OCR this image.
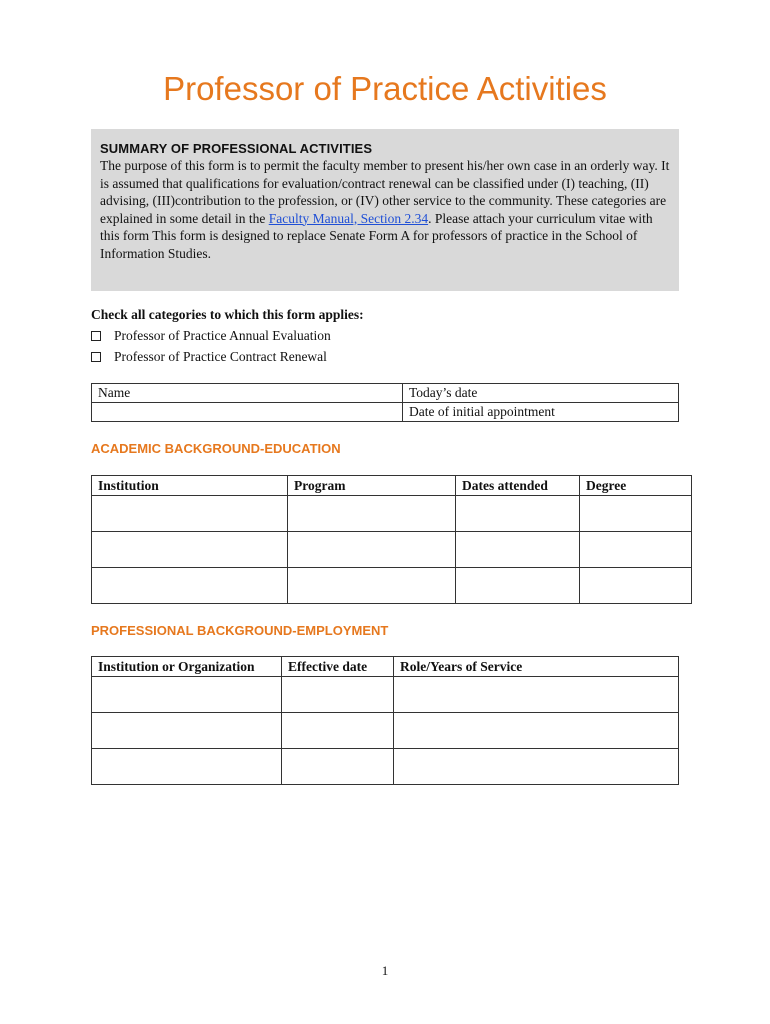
Professor of Practice Activities
SUMMARY OF PROFESSIONAL ACTIVITIES
The purpose of this form is to permit the faculty member to present his/her own case in an orderly way. It is assumed that qualifications for evaluation/contract renewal can be classified under (I) teaching, (II) advising, (III)contribution to the profession, or (IV) other service to the community. These categories are explained in some detail in the Faculty Manual, Section 2.34. Please attach your curriculum vitae with this form This form is designed to replace Senate Form A for professors of practice in the School of Information Studies.
Check all categories to which this form applies:
Professor of Practice Annual Evaluation
Professor of Practice Contract Renewal
Name	Today’s date
	Date of initial appointment
ACADEMIC BACKGROUND-EDUCATION
Institution	Program	Dates attended	Degree

PROFESSIONAL BACKGROUND-EMPLOYMENT
Institution or Organization	Effective date	Role/Years of Service

1
